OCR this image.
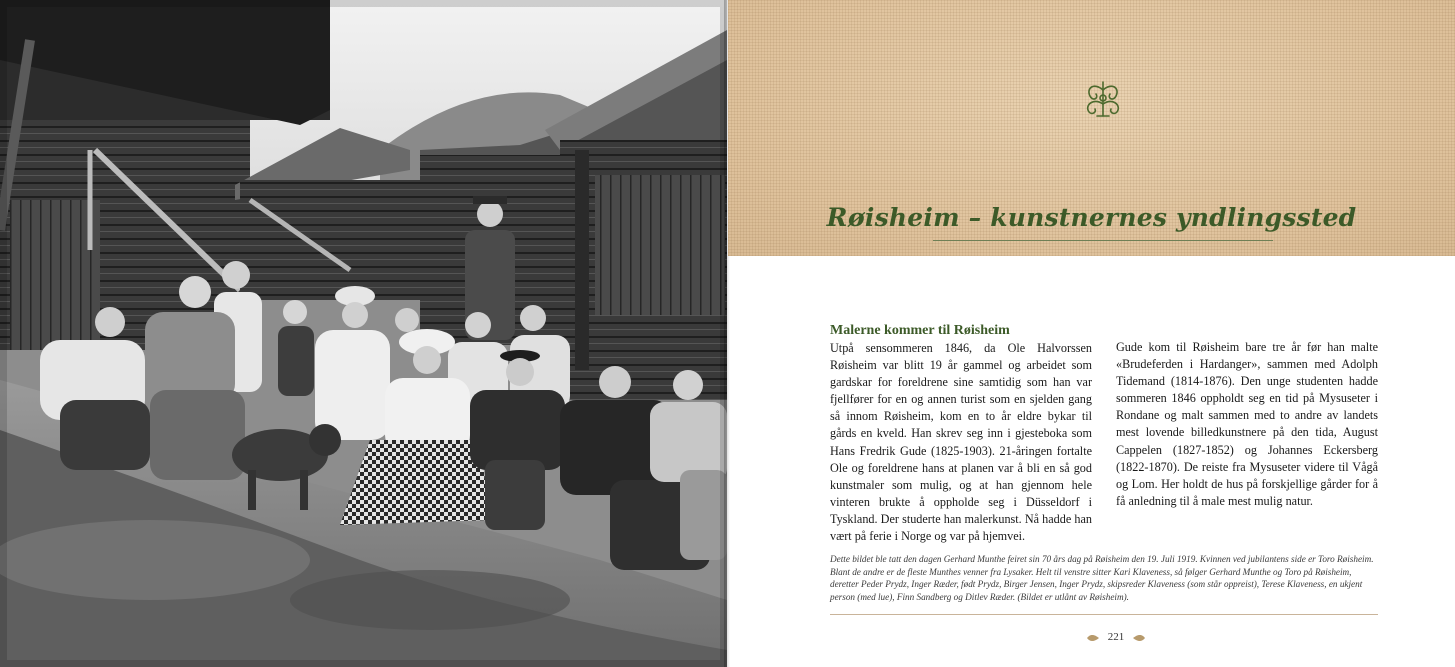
Røisheim – kunstnernes yndlingssted
Malerne kommer til Røisheim

Utpå sensommeren 1846, da Ole Halvorssen Røisheim var blitt 19 år gammel og arbeidet som gardskar for foreldrene sine samtidig som han var fjellfører for en og annen turist som en sjelden gang så innom Røisheim, kom en to år eldre bykar til gårds en kveld. Han skrev seg inn i gjesteboka som Hans Fredrik Gude (1825-1903). 21-åringen fortalte Ole og foreldrene hans at planen var å bli en så god kunstmaler som mulig, og at han gjennom hele vinteren brukte å oppholde seg i Düsseldorf i Tyskland. Der studerte han malerkunst. Nå hadde han vært på ferie i Norge og var på hjemvei.

Gude kom til Røisheim bare tre år før han malte «Brudeferden i Hardanger», sammen med Adolph Tidemand (1814-1876). Den unge studenten hadde sommeren 1846 oppholdt seg en tid på Mysuseter i Rondane og malt sammen med to andre av landets mest lovende billedkunstnere på den tida, August Cappelen (1827-1852) og Johannes Eckersberg (1822-1870). De reiste fra Mysuseter videre til Vågå og Lom. Her holdt de hus på forskjellige gårder for å få anledning til å male mest mulig natur.

Dette bildet ble tatt den dagen Gerhard Munthe feiret sin 70 års dag på Røisheim den 19. Juli 1919. Kvinnen ved jubilantens side er Toro Røisheim. Blant de andre er de fleste Munthes venner fra Lysaker. Helt til venstre sitter Kari Klaveness, så følger Gerhard Munthe og Toro på Røisheim, deretter Peder Prydz, Inger Ræder, født Prydz, Birger Jensen, Inger Prydz, skipsreder Klaveness (som står oppreist), Terese Klaveness, en ukjent person (med lue), Finn Sandberg og Ditlev Ræder. (Bildet er utlånt av Røisheim).
221
